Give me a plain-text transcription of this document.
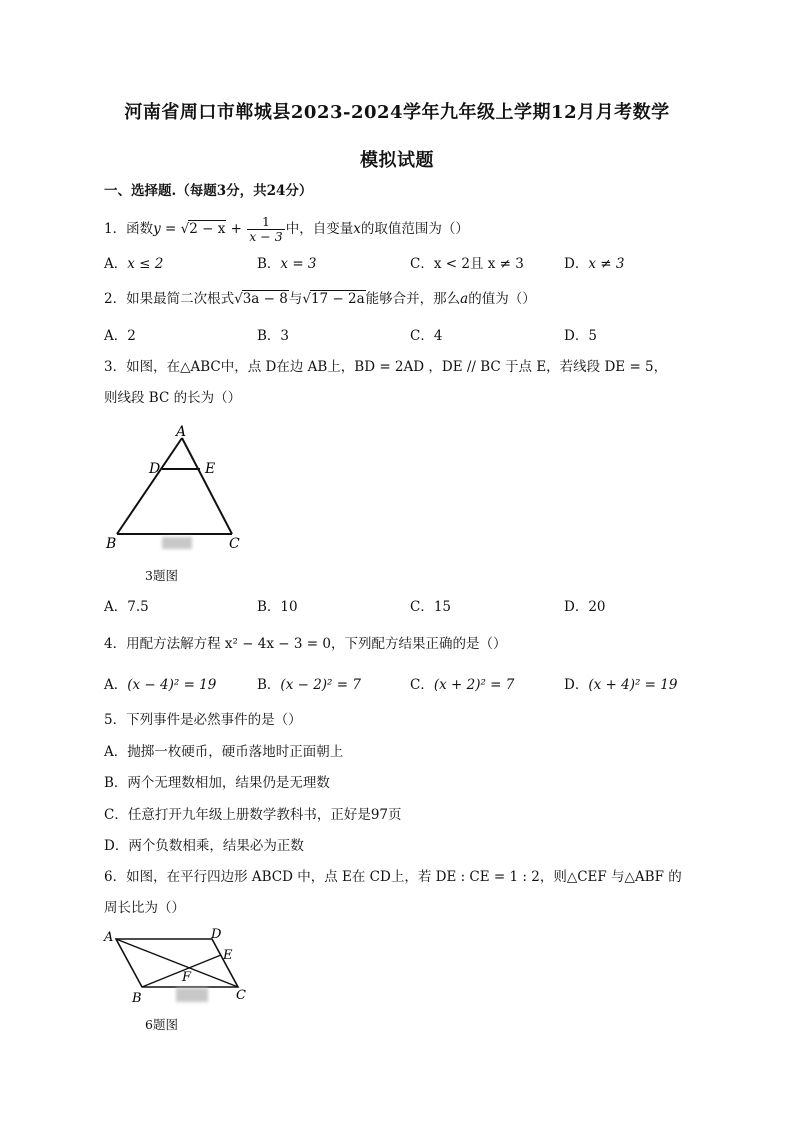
河南省周口市郸城县2023-2024学年九年级上学期12月月考数学
模拟试题
一、选择题.（每题3分，共24分）
1．函数$y = √2 - x + \frac{1}{x - 3}$ 中，自变量x的取值范围为（）
A．x ≤ 2	B．x = 3	C．x < 2且 x ≠ 3	D．x ≠ 3
2．如果最简二次根式√3a − 8与√17 − 2a能够合并，那么a的值为（）
A．2	B．3	C．4	D．5
3．如图，在△ABC中，点 D在边 AB上，BD = 2AD ，DE // BC 于点 E，若线段 DE = 5，
则线段 BC 的长为（）
A
D	E
B	C
3题图
A．7.5	B．10	C．15	D．20
4．用配方法解方程 x² − 4x − 3 = 0，下列配方结果正确的是（）
A．(x − 4)² = 19	B．(x − 2)² = 7	C．(x + 2)² = 7	D．(x + 4)² = 19
5．下列事件是必然事件的是（）
A．抛掷一枚硬币，硬币落地时正面朝上
B．两个无理数相加，结果仍是无理数
C．任意打开九年级上册数学教科书，正好是97页
D．两个负数相乘，结果必为正数
6．如图，在平行四边形 ABCD 中，点 E在 CD上，若 DE : CE = 1 : 2，则△CEF 与△ABF 的
周长比为（）
A	D
E
F
B	C
6题图
